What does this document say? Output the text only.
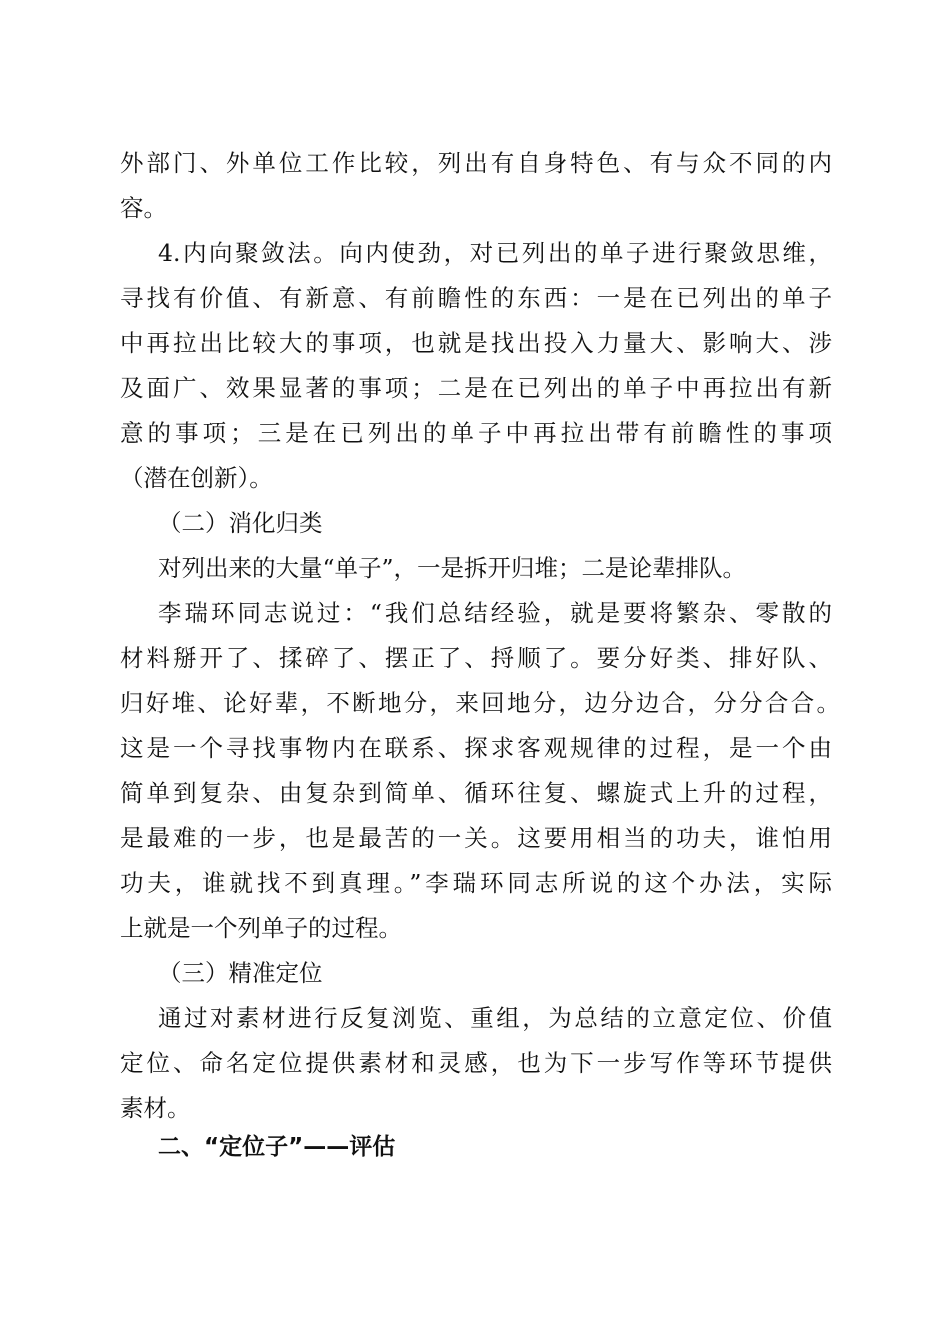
外部门、外单位工作比较，列出有自身特色、有与众不同的内
容。
4.内向聚敛法。向内使劲，对已列出的单子进行聚敛思维，
寻找有价值、有新意、有前瞻性的东西：一是在已列出的单子
中再拉出比较大的事项，也就是找出投入力量大、影响大、涉
及面广、效果显著的事项；二是在已列出的单子中再拉出有新
意的事项；三是在已列出的单子中再拉出带有前瞻性的事项
（潜在创新）。
（二）消化归类
对列出来的大量“单子”，一是拆开归堆；二是论辈排队。
李瑞环同志说过：“我们总结经验，就是要将繁杂、零散的
材料掰开了、揉碎了、摆正了、捋顺了。要分好类、排好队、
归好堆、论好辈，不断地分，来回地分，边分边合，分分合合。
这是一个寻找事物内在联系、探求客观规律的过程，是一个由
简单到复杂、由复杂到简单、循环往复、螺旋式上升的过程，
是最难的一步，也是最苦的一关。这要用相当的功夫，谁怕用
功夫，谁就找不到真理。”李瑞环同志所说的这个办法，实际
上就是一个列单子的过程。
（三）精准定位
通过对素材进行反复浏览、重组，为总结的立意定位、价值
定位、命名定位提供素材和灵感，也为下一步写作等环节提供
素材。
二、“定位子”——评估
